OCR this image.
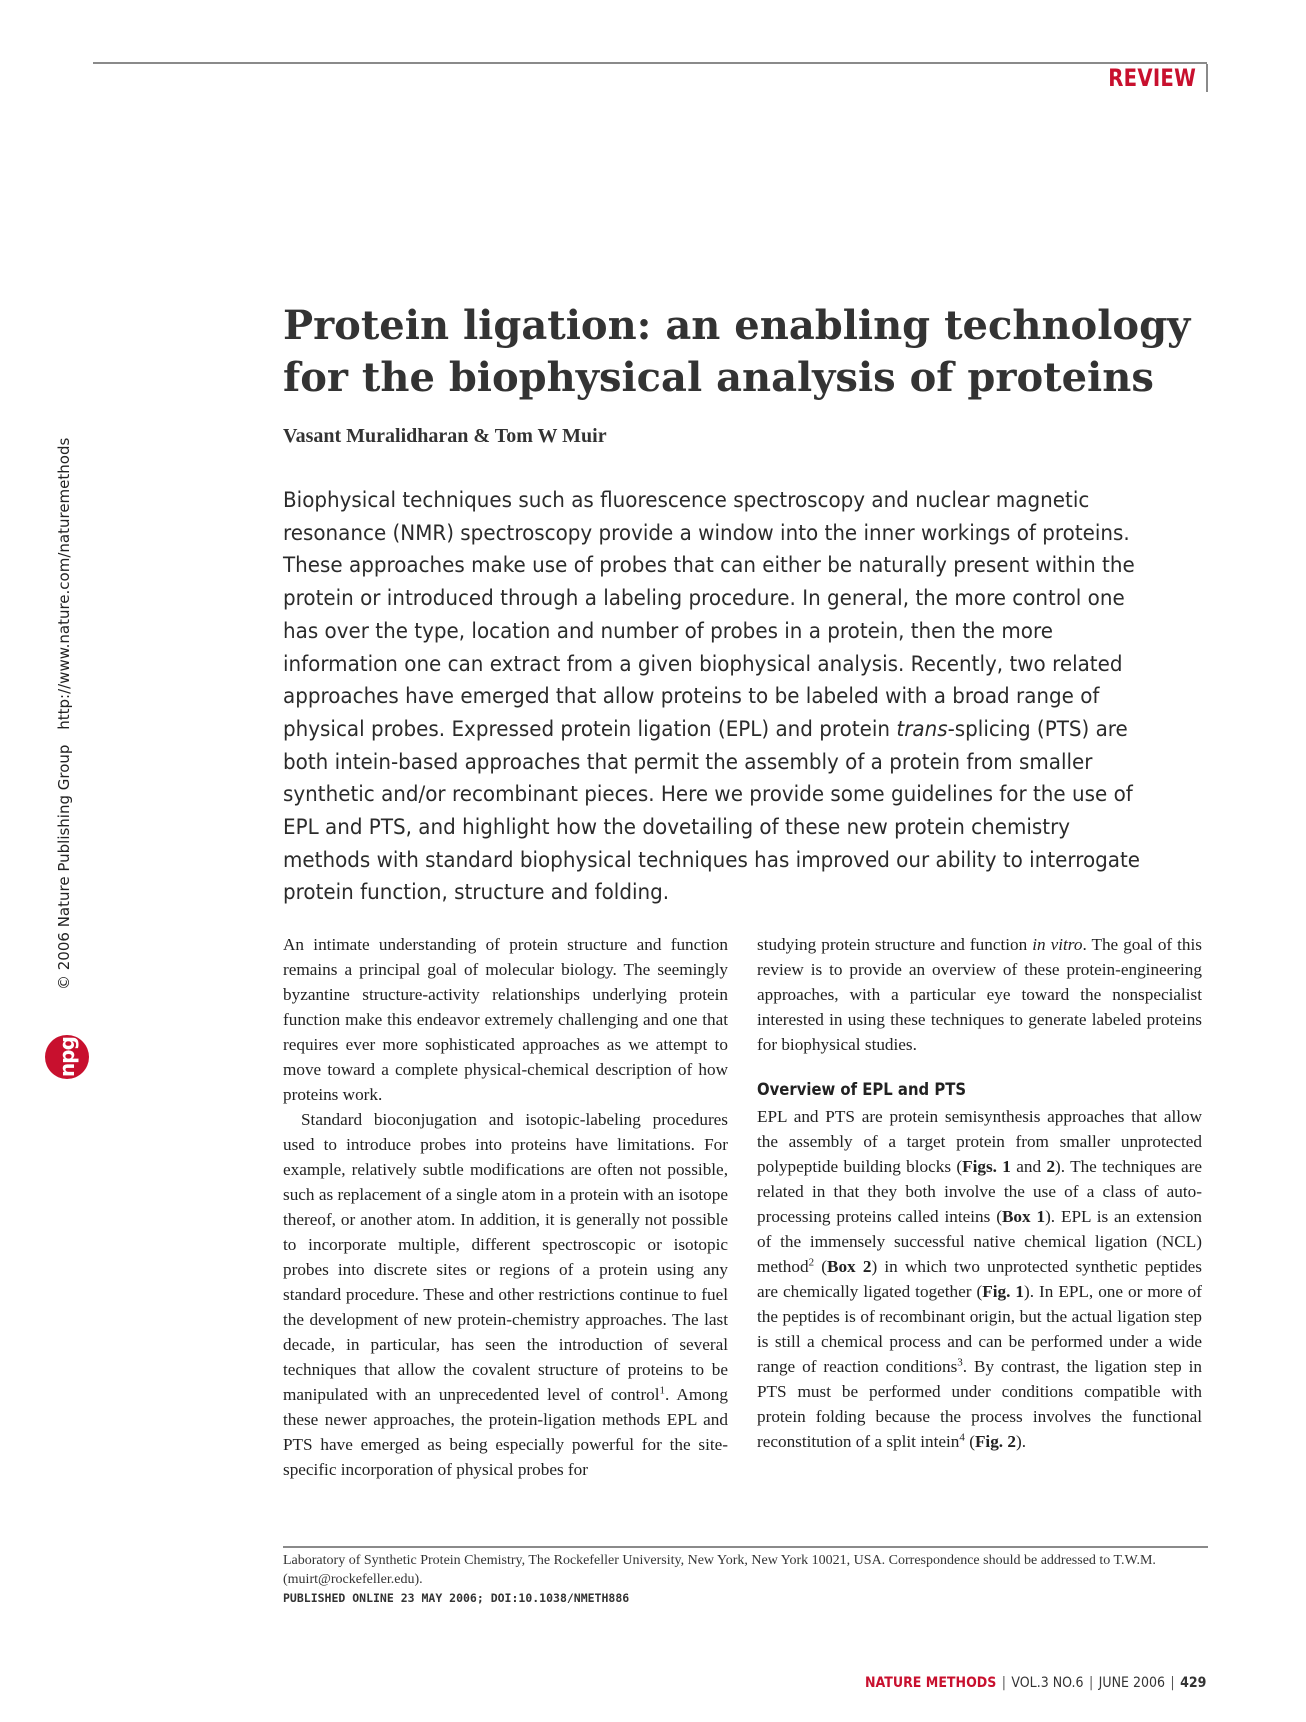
REVIEW
© 2006 Nature Publishing Group http://www.nature.com/naturemethods
npg
Protein ligation: an enabling technology for the biophysical analysis of proteins
Vasant Muralidharan & Tom W Muir

Biophysical techniques such as fluorescence spectroscopy and nuclear magnetic resonance (NMR) spectroscopy provide a window into the inner workings of proteins. These approaches make use of probes that can either be naturally present within the protein or introduced through a labeling procedure. In general, the more control one has over the type, location and number of probes in a protein, then the more information one can extract from a given biophysical analysis. Recently, two related approaches have emerged that allow proteins to be labeled with a broad range of physical probes. Expressed protein ligation (EPL) and protein trans-splicing (PTS) are both intein-based approaches that permit the assembly of a protein from smaller synthetic and/or recombinant pieces. Here we provide some guidelines for the use of EPL and PTS, and highlight how the dovetailing of these new protein chemistry methods with standard biophysical techniques has improved our ability to interrogate protein function, structure and folding.

An intimate understanding of protein structure and function remains a principal goal of molecular biology. The seemingly byzantine structure-activity relationships underlying protein function make this endeavor extremely challenging and one that requires ever more sophisticated approaches as we attempt to move toward a complete physical-chemical description of how proteins work.

Standard bioconjugation and isotopic-labeling procedures used to introduce probes into proteins have limitations. For example, relatively subtle modifications are often not possible, such as replacement of a single atom in a protein with an isotope thereof, or another atom. In addition, it is generally not possible to incorporate multiple, different spectroscopic or isotopic probes into discrete sites or regions of a protein using any standard procedure. These and other restrictions continue to fuel the development of new protein-chemistry approaches. The last decade, in particular, has seen the introduction of several techniques that allow the covalent structure of proteins to be manipulated with an unprecedented level of control$^1$. Among these newer approaches, the protein-ligation methods EPL and PTS have emerged as being especially powerful for the site-specific incorporation of physical probes for

studying protein structure and function in vitro. The goal of this review is to provide an overview of these protein-engineering approaches, with a particular eye toward the nonspecialist interested in using these techniques to generate labeled proteins for biophysical studies.

Overview of EPL and PTS

EPL and PTS are protein semisynthesis approaches that allow the assembly of a target protein from smaller unprotected polypeptide building blocks (Figs. 1 and 2). The techniques are related in that they both involve the use of a class of auto-processing proteins called inteins (Box 1). EPL is an extension of the immensely successful native chemical ligation (NCL) method$^2$ (Box 2) in which two unprotected synthetic peptides are chemically ligated together (Fig. 1). In EPL, one or more of the peptides is of recombinant origin, but the actual ligation step is still a chemical process and can be performed under a wide range of reaction conditions$^3$. By contrast, the ligation step in PTS must be performed under conditions compatible with protein folding because the process involves the functional reconstitution of a split intein$^4$ (Fig. 2).

Laboratory of Synthetic Protein Chemistry, The Rockefeller University, New York, New York 10021, USA. Correspondence should be addressed to T.W.M. (muirt@rockefeller.edu).

PUBLISHED ONLINE 23 MAY 2006; DOI:10.1038/NMETH886
NATURE METHODS | VOL.3 NO.6 | JUNE 2006 | 429
